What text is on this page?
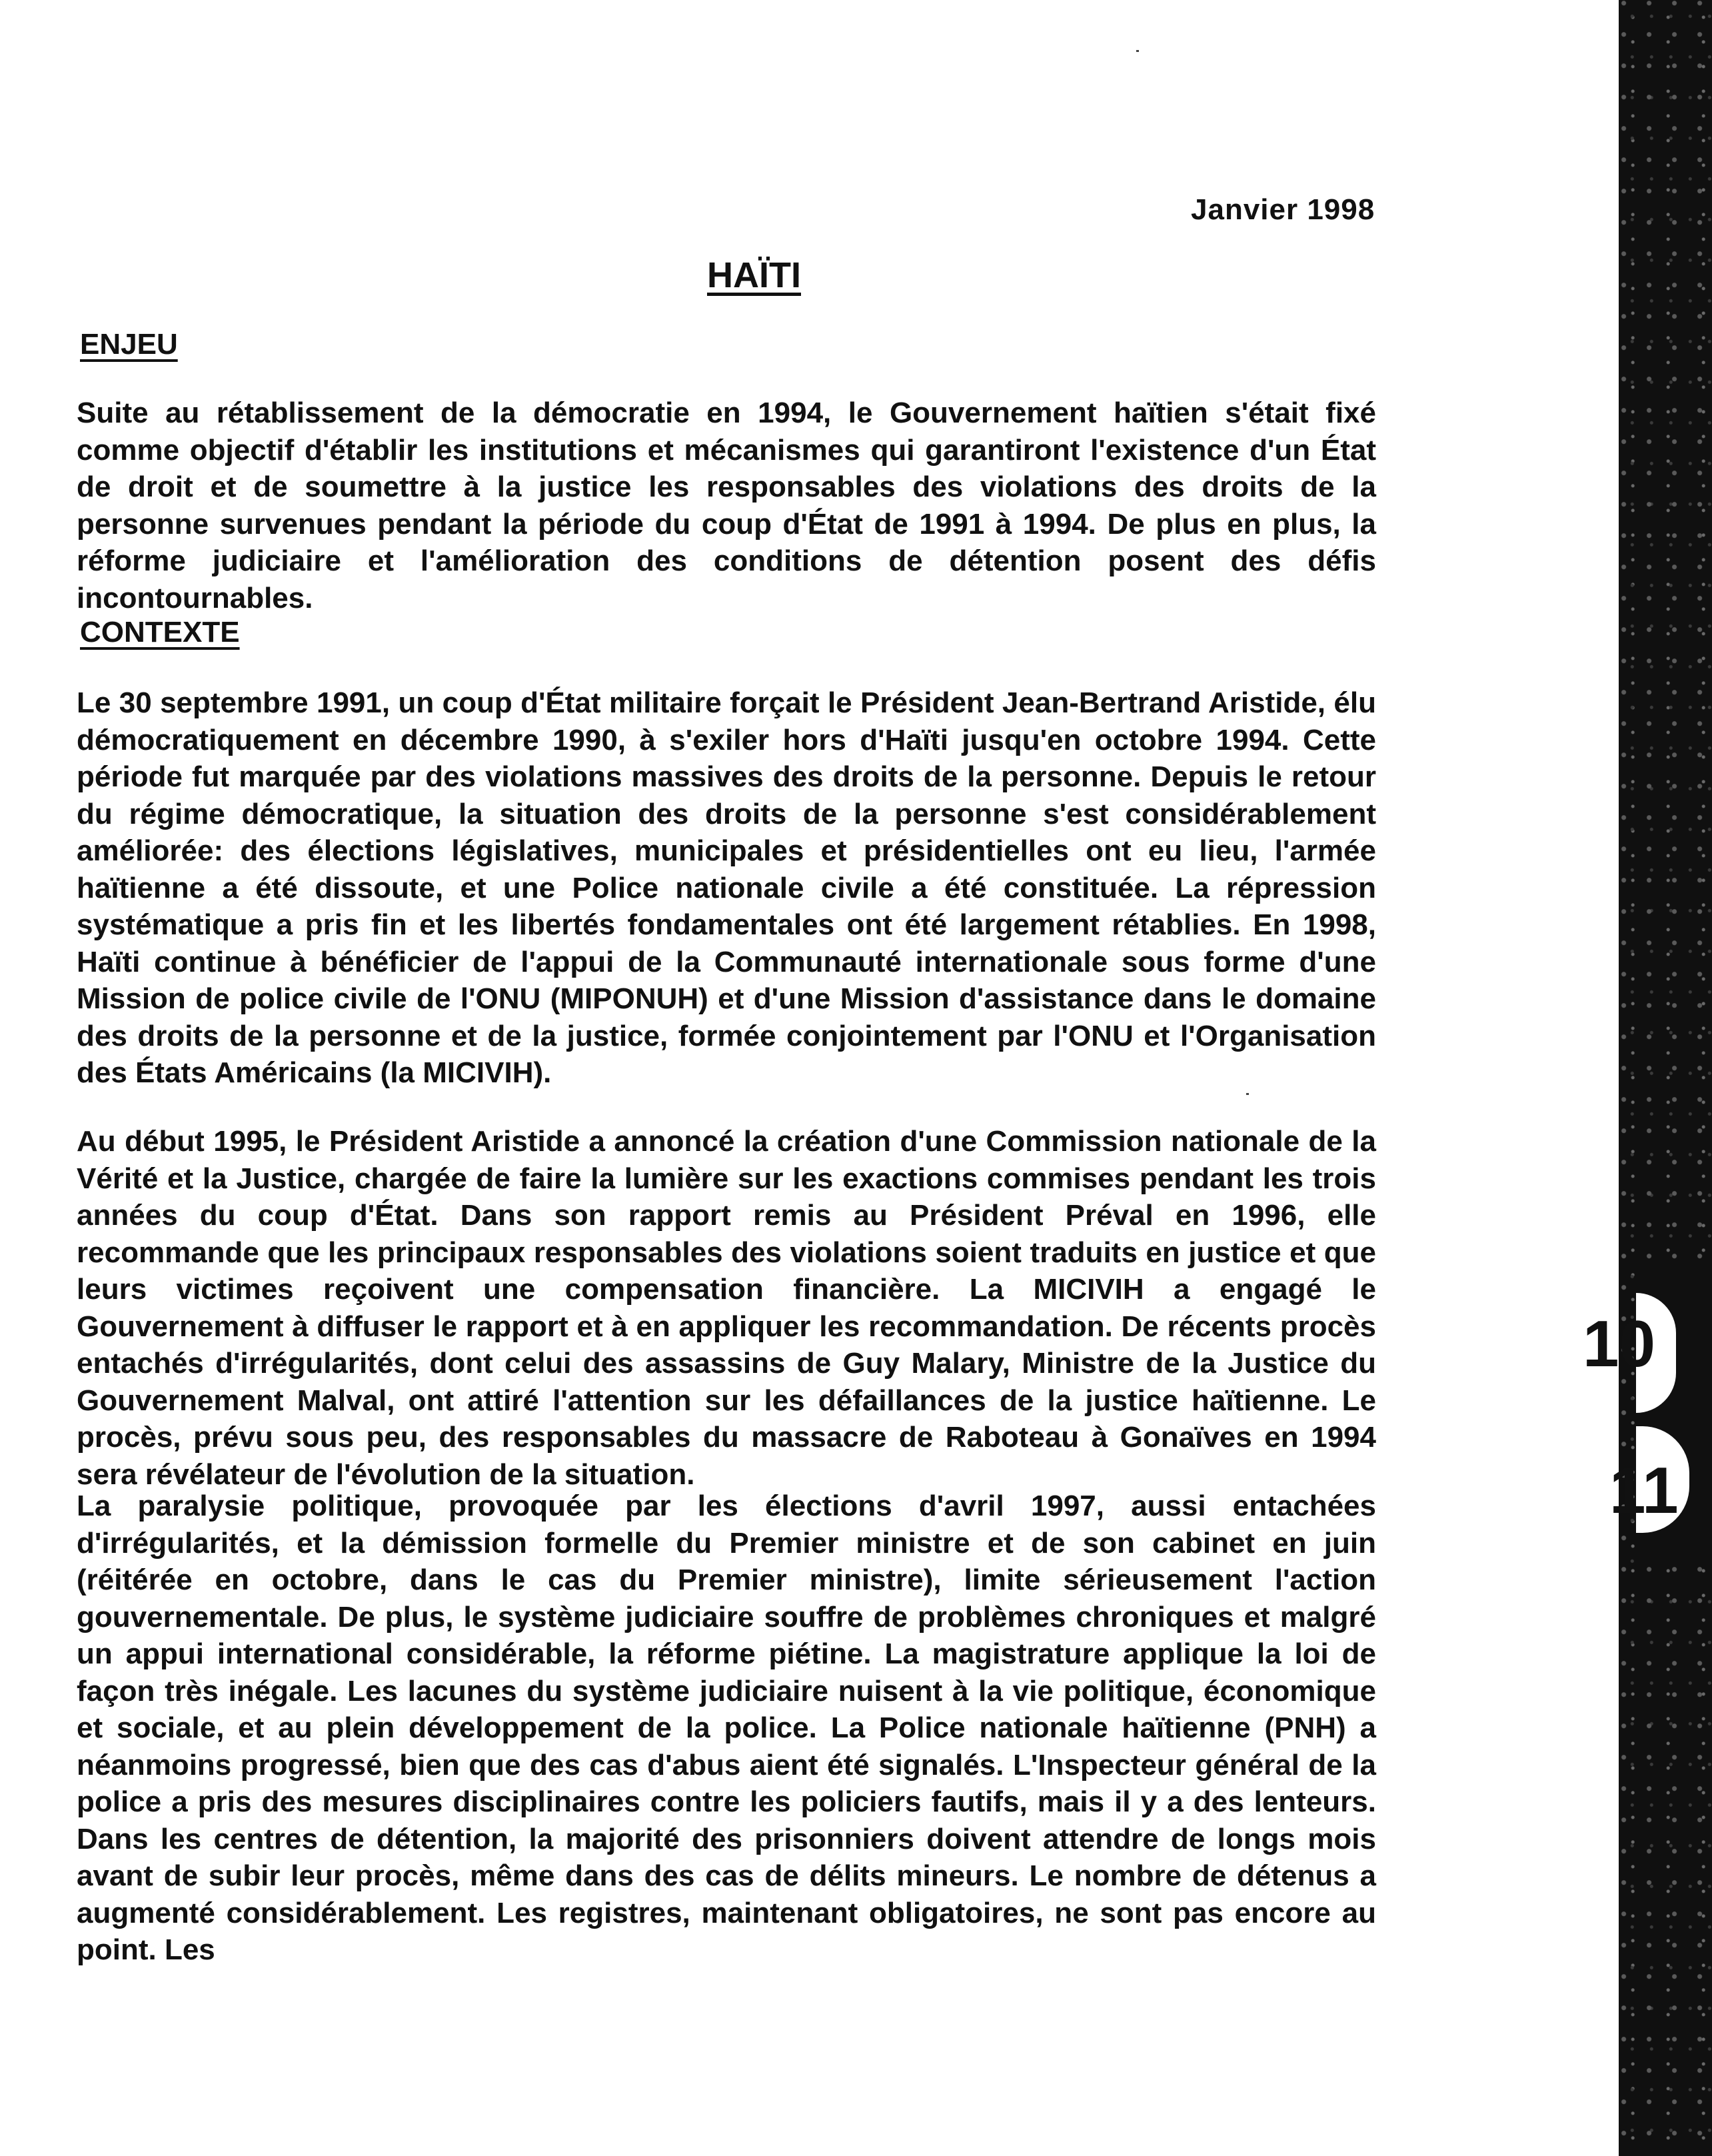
Janvier 1998
HAÏTI
ENJEU

Suite au rétablissement de la démocratie en 1994, le Gouvernement haïtien s'était fixé comme objectif d'établir les institutions et mécanismes qui garantiront l'existence d'un État de droit et de soumettre à la justice les responsables des violations des droits de la personne survenues pendant la période du coup d'État de 1991 à 1994. De plus en plus, la réforme judiciaire et l'amélioration des conditions de détention posent des défis incontournables.

CONTEXTE

Le 30 septembre 1991, un coup d'État militaire forçait le Président Jean-Bertrand Aristide, élu démocratiquement en décembre 1990, à s'exiler hors d'Haïti jusqu'en octobre 1994. Cette période fut marquée par des violations massives des droits de la personne. Depuis le retour du régime démocratique, la situation des droits de la personne s'est considérablement améliorée: des élections législatives, municipales et présidentielles ont eu lieu, l'armée haïtienne a été dissoute, et une Police nationale civile a été constituée. La répression systématique a pris fin et les libertés fondamentales ont été largement rétablies. En 1998, Haïti continue à bénéficier de l'appui de la Communauté internationale sous forme d'une Mission de police civile de l'ONU (MIPONUH) et d'une Mission d'assistance dans le domaine des droits de la personne et de la justice, formée conjointement par l'ONU et l'Organisation des États Américains (la MICIVIH).

Au début 1995, le Président Aristide a annoncé la création d'une Commission nationale de la Vérité et la Justice, chargée de faire la lumière sur les exactions commises pendant les trois années du coup d'État. Dans son rapport remis au Président Préval en 1996, elle recommande que les principaux responsables des violations soient traduits en justice et que leurs victimes reçoivent une compensation financière. La MICIVIH a engagé le Gouvernement à diffuser le rapport et à en appliquer les recommandation. De récents procès entachés d'irrégularités, dont celui des assassins de Guy Malary, Ministre de la Justice du Gouvernement Malval, ont attiré l'attention sur les défaillances de la justice haïtienne. Le procès, prévu sous peu, des responsables du massacre de Raboteau à Gonaïves en 1994 sera révélateur de l'évolution de la situation.

La paralysie politique, provoquée par les élections d'avril 1997, aussi entachées d'irrégularités, et la démission formelle du Premier ministre et de son cabinet en juin (réitérée en octobre, dans le cas du Premier ministre), limite sérieusement l'action gouvernementale. De plus, le système judiciaire souffre de problèmes chroniques et malgré un appui international considérable, la réforme piétine. La magistrature applique la loi de façon très inégale. Les lacunes du système judiciaire nuisent à la vie politique, économique et sociale, et au plein développement de la police. La Police nationale haïtienne (PNH) a néanmoins progressé, bien que des cas d'abus aient été signalés. L'Inspecteur général de la police a pris des mesures disciplinaires contre les policiers fautifs, mais il y a des lenteurs. Dans les centres de détention, la majorité des prisonniers doivent attendre de longs mois avant de subir leur procès, même dans des cas de délits mineurs. Le nombre de détenus a augmenté considérablement. Les registres, maintenant obligatoires, ne sont pas encore au point. Les

10
11
